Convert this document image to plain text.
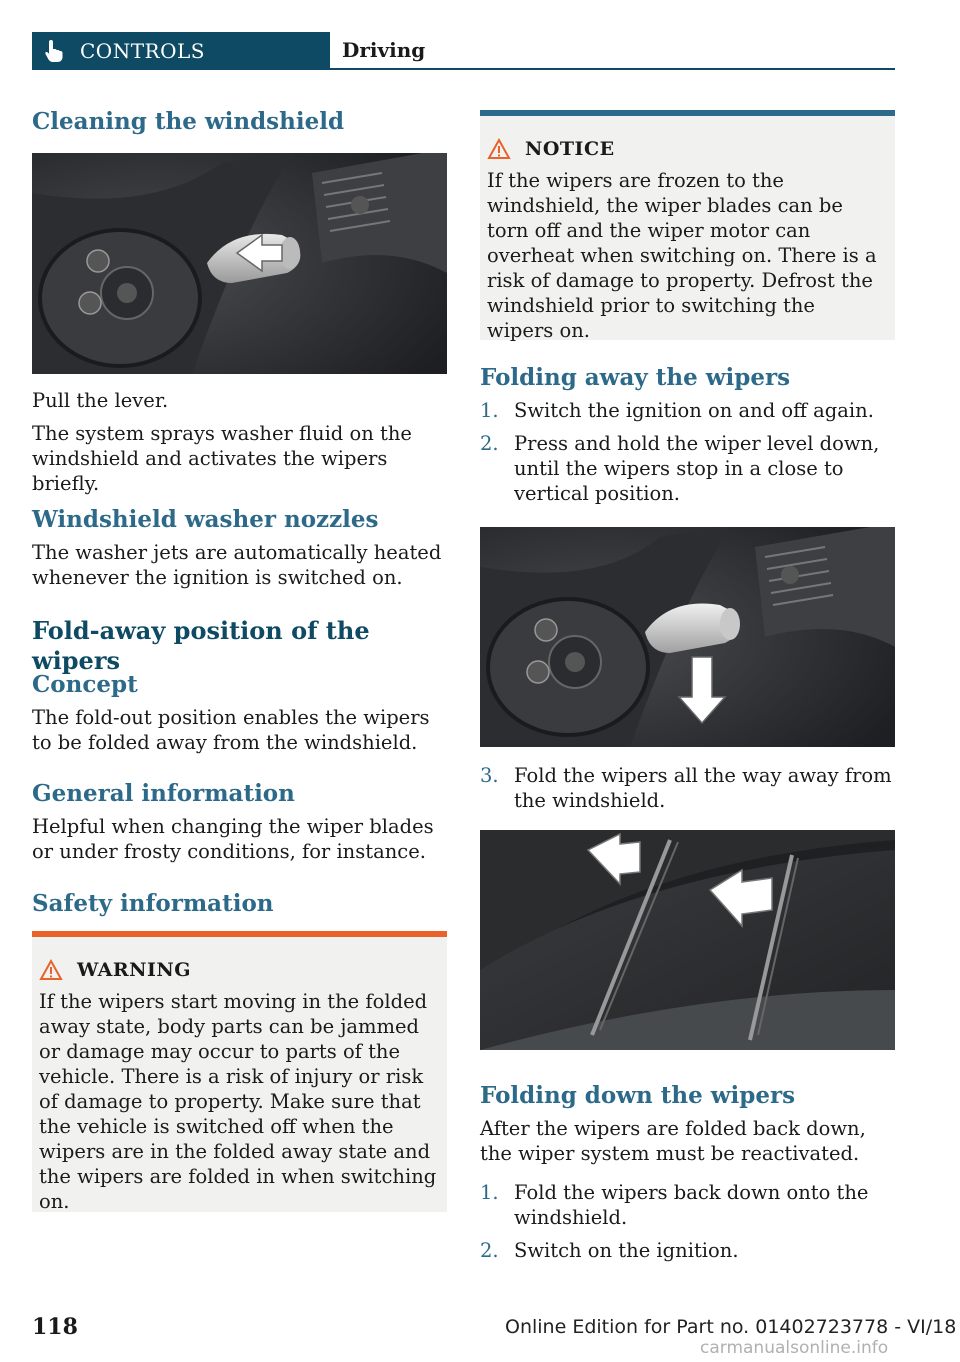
CONTROLS	Driving

Cleaning the windshield

Pull the lever.

The system sprays washer fluid on the windshield and activates the wipers briefly.

Windshield washer nozzles

The washer jets are automatically heated whenever the ignition is switched on.

Fold-away position of the wipers

Concept

The fold-out position enables the wipers to be folded away from the windshield.

General information

Helpful when changing the wiper blades or under frosty conditions, for instance.

Safety information

WARNING

If the wipers start moving in the folded away state, body parts can be jammed or damage may occur to parts of the vehicle. There is a risk of injury or risk of damage to property. Make sure that the vehicle is switched off when the wipers are in the folded away state and the wipers are folded in when switching on.

NOTICE

If the wipers are frozen to the windshield, the wiper blades can be torn off and the wiper motor can overheat when switching on. There is a risk of damage to property. Defrost the windshield prior to switching the wipers on.

Folding away the wipers

1. Switch the ignition on and off again.
2. Press and hold the wiper level down, until the wipers stop in a close to vertical position.
3. Fold the wipers all the way away from the windshield.

Folding down the wipers

After the wipers are folded back down, the wiper system must be reactivated.

1. Fold the wipers back down onto the windshield.
2. Switch on the ignition.
118	Online Edition for Part no. 01402723778 - VI/18
carmanualsonline.info
